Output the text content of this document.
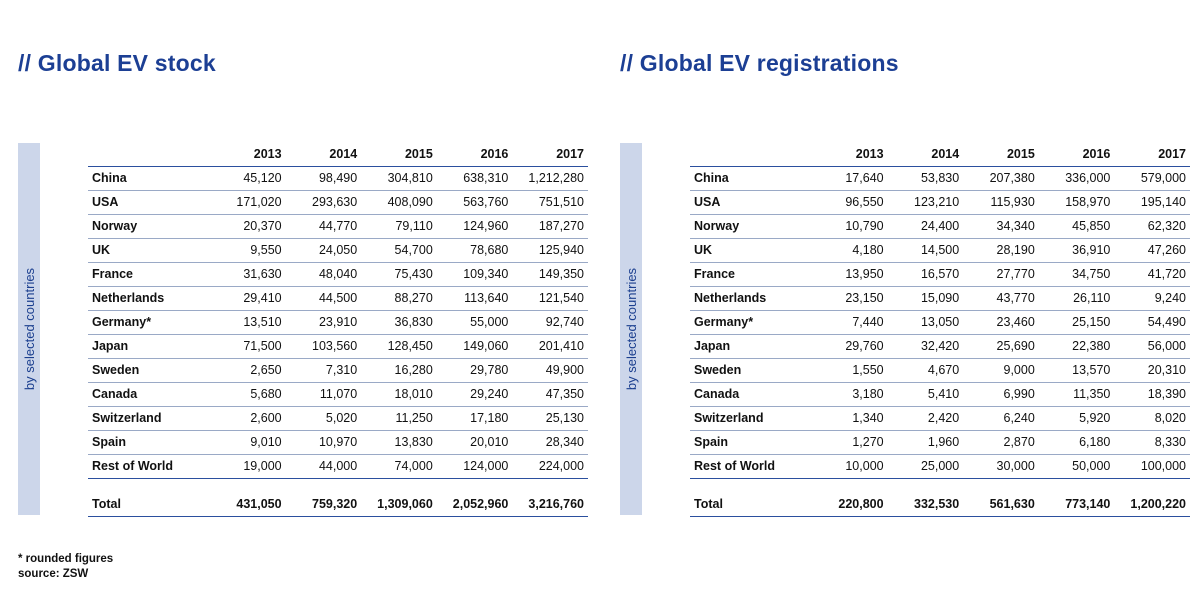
// Global EV stock
by selected countries
	2013	2014	2015	2016	2017
China	45,120	98,490	304,810	638,310	1,212,280
USA	171,020	293,630	408,090	563,760	751,510
Norway	20,370	44,770	79,110	124,960	187,270
UK	9,550	24,050	54,700	78,680	125,940
France	31,630	48,040	75,430	109,340	149,350
Netherlands	29,410	44,500	88,270	113,640	121,540
Germany*	13,510	23,910	36,830	55,000	92,740
Japan	71,500	103,560	128,450	149,060	201,410
Sweden	2,650	7,310	16,280	29,780	49,900
Canada	5,680	11,070	18,010	29,240	47,350
Switzerland	2,600	5,020	11,250	17,180	25,130
Spain	9,010	10,970	13,830	20,010	28,340
Rest of World	19,000	44,000	74,000	124,000	224,000

Total	431,050	759,320	1,309,060	2,052,960	3,216,760
* rounded figures
source: ZSW
// Global EV registrations
by selected countries
	2013	2014	2015	2016	2017
China	17,640	53,830	207,380	336,000	579,000
USA	96,550	123,210	115,930	158,970	195,140
Norway	10,790	24,400	34,340	45,850	62,320
UK	4,180	14,500	28,190	36,910	47,260
France	13,950	16,570	27,770	34,750	41,720
Netherlands	23,150	15,090	43,770	26,110	9,240
Germany*	7,440	13,050	23,460	25,150	54,490
Japan	29,760	32,420	25,690	22,380	56,000
Sweden	1,550	4,670	9,000	13,570	20,310
Canada	3,180	5,410	6,990	11,350	18,390
Switzerland	1,340	2,420	6,240	5,920	8,020
Spain	1,270	1,960	2,870	6,180	8,330
Rest of World	10,000	25,000	30,000	50,000	100,000

Total	220,800	332,530	561,630	773,140	1,200,220
